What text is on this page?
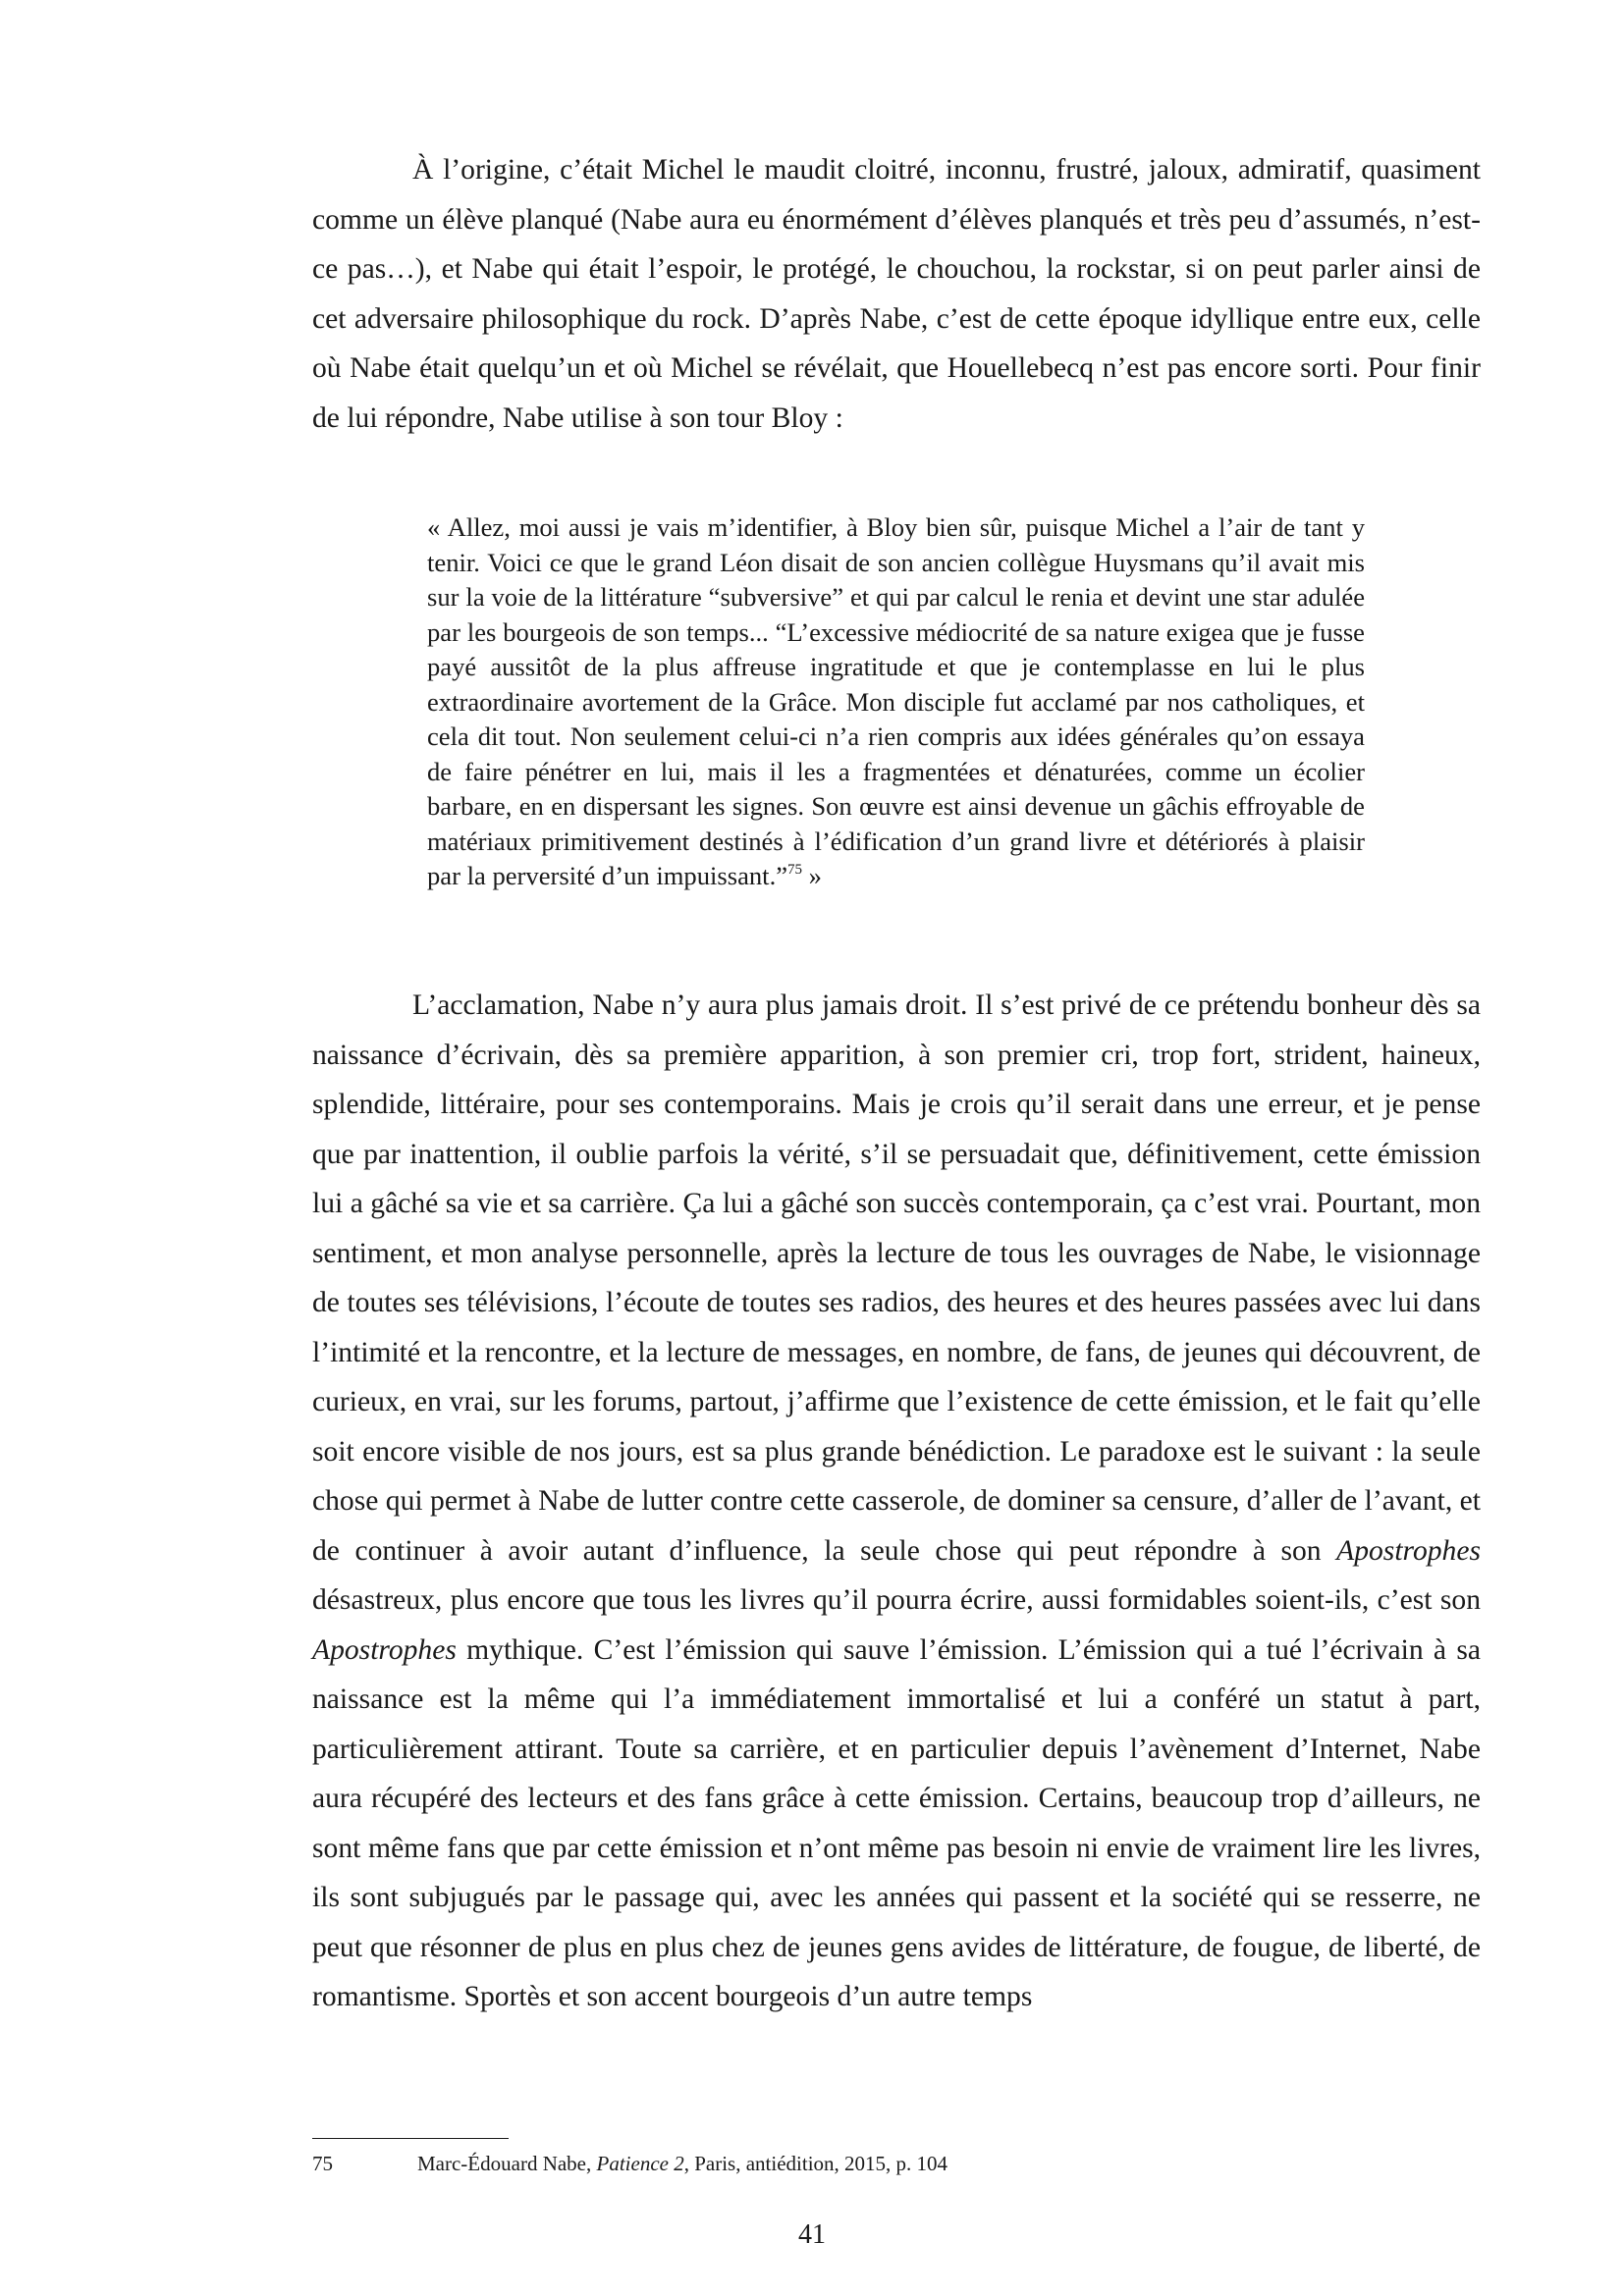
À l’origine, c’était Michel le maudit cloitré, inconnu, frustré, jaloux, admiratif, quasiment comme un élève planqué (Nabe aura eu énormément d’élèves planqués et très peu d’assumés, n’est-ce pas…), et Nabe qui était l’espoir, le protégé, le chouchou, la rockstar, si on peut parler ainsi de cet adversaire philosophique du rock. D’après Nabe, c’est de cette époque idyllique entre eux, celle où Nabe était quelqu’un et où Michel se révélait, que Houellebecq n’est pas encore sorti. Pour finir de lui répondre, Nabe utilise à son tour Bloy :

« Allez, moi aussi je vais m’identifier, à Bloy bien sûr, puisque Michel a l’air de tant y tenir. Voici ce que le grand Léon disait de son ancien collègue Huysmans qu’il avait mis sur la voie de la littérature “subversive” et qui par calcul le renia et devint une star adulée par les bourgeois de son temps... “L’excessive médiocrité de sa nature exigea que je fusse payé aussitôt de la plus affreuse ingratitude et que je contemplasse en lui le plus extraordinaire avortement de la Grâce. Mon disciple fut acclamé par nos catholiques, et cela dit tout. Non seulement celui-ci n’a rien compris aux idées générales qu’on essaya de faire pénétrer en lui, mais il les a fragmentées et dénaturées, comme un écolier barbare, en en dispersant les signes. Son œuvre est ainsi devenue un gâchis effroyable de matériaux primitivement destinés à l’édification d’un grand livre et détériorés à plaisir par la perversité d’un impuissant.”$^{75}$ »

L’acclamation, Nabe n’y aura plus jamais droit. Il s’est privé de ce prétendu bonheur dès sa naissance d’écrivain, dès sa première apparition, à son premier cri, trop fort, strident, haineux, splendide, littéraire, pour ses contemporains. Mais je crois qu’il serait dans une erreur, et je pense que par inattention, il oublie parfois la vérité, s’il se persuadait que, définitivement, cette émission lui a gâché sa vie et sa carrière. Ça lui a gâché son succès contemporain, ça c’est vrai. Pourtant, mon sentiment, et mon analyse personnelle, après la lecture de tous les ouvrages de Nabe, le visionnage de toutes ses télévisions, l’écoute de toutes ses radios, des heures et des heures passées avec lui dans l’intimité et la rencontre, et la lecture de messages, en nombre, de fans, de jeunes qui découvrent, de curieux, en vrai, sur les forums, partout, j’affirme que l’existence de cette émission, et le fait qu’elle soit encore visible de nos jours, est sa plus grande bénédiction. Le paradoxe est le suivant : la seule chose qui permet à Nabe de lutter contre cette casserole, de dominer sa censure, d’aller de l’avant, et de continuer à avoir autant d’influence, la seule chose qui peut répondre à son Apostrophes désastreux, plus encore que tous les livres qu’il pourra écrire, aussi formidables soient-ils, c’est son Apostrophes mythique. C’est l’émission qui sauve l’émission. L’émission qui a tué l’écrivain à sa naissance est la même qui l’a immédiatement immortalisé et lui a conféré un statut à part, particulièrement attirant. Toute sa carrière, et en particulier depuis l’avènement d’Internet, Nabe aura récupéré des lecteurs et des fans grâce à cette émission. Certains, beaucoup trop d’ailleurs, ne sont même fans que par cette émission et n’ont même pas besoin ni envie de vraiment lire les livres, ils sont subjugués par le passage qui, avec les années qui passent et la société qui se resserre, ne peut que résonner de plus en plus chez de jeunes gens avides de littérature, de fougue, de liberté, de romantisme. Sportès et son accent bourgeois d’un autre temps

75	Marc-Édouard Nabe, Patience 2, Paris, antiédition, 2015, p. 104

41
